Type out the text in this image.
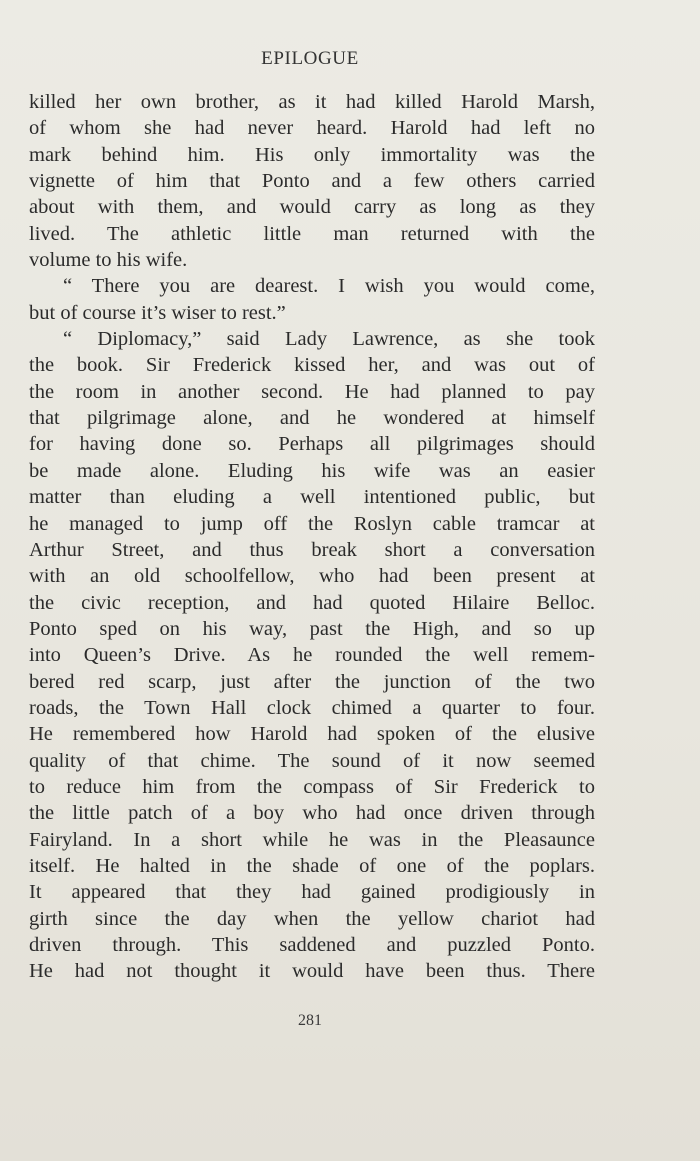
EPILOGUE
killed her own brother, as it had killed Harold Marsh,
of whom she had never heard. Harold had left no
mark behind him. His only immortality was the
vignette of him that Ponto and a few others carried
about with them, and would carry as long as they
lived. The athletic little man returned with the
volume to his wife.
“ There you are dearest. I wish you would come,
but of course it’s wiser to rest.”
“ Diplomacy,” said Lady Lawrence, as she took
the book. Sir Frederick kissed her, and was out of
the room in another second. He had planned to pay
that pilgrimage alone, and he wondered at himself
for having done so. Perhaps all pilgrimages should
be made alone. Eluding his wife was an easier
matter than eluding a well intentioned public, but
he managed to jump off the Roslyn cable tramcar at
Arthur Street, and thus break short a conversation
with an old schoolfellow, who had been present at
the civic reception, and had quoted Hilaire Belloc.
Ponto sped on his way, past the High, and so up
into Queen’s Drive. As he rounded the well remem-
bered red scarp, just after the junction of the two
roads, the Town Hall clock chimed a quarter to four.
He remembered how Harold had spoken of the elusive
quality of that chime. The sound of it now seemed
to reduce him from the compass of Sir Frederick to
the little patch of a boy who had once driven through
Fairyland. In a short while he was in the Pleasaunce
itself. He halted in the shade of one of the poplars.
It appeared that they had gained prodigiously in
girth since the day when the yellow chariot had
driven through. This saddened and puzzled Ponto.
He had not thought it would have been thus. There
281
